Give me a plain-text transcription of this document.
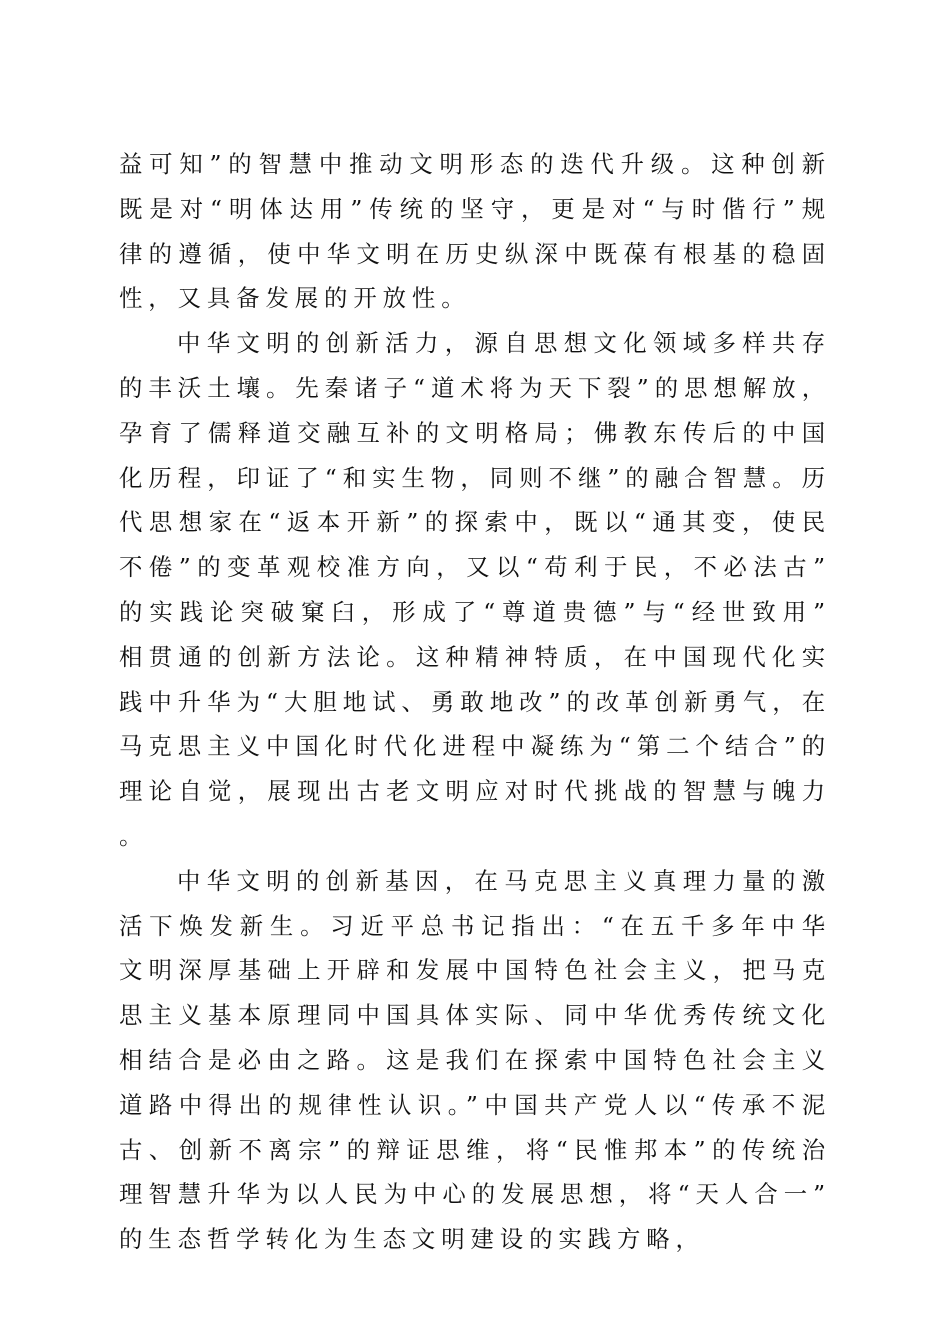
益可知”的智慧中推动文明形态的迭代升级。这种创新既是对“明体达用”传统的坚守，更是对“与时偕行”规律的遵循，使中华文明在历史纵深中既葆有根基的稳固性，又具备发展的开放性。

中华文明的创新活力，源自思想文化领域多样共存的丰沃土壤。先秦诸子“道术将为天下裂”的思想解放，孕育了儒释道交融互补的文明格局；佛教东传后的中国化历程，印证了“和实生物，同则不继”的融合智慧。历代思想家在“返本开新”的探索中，既以“通其变，使民不倦”的变革观校准方向，又以“苟利于民，不必法古”的实践论突破窠臼，形成了“尊道贵德”与“经世致用”相贯通的创新方法论。这种精神特质，在中国现代化实践中升华为“大胆地试、勇敢地改”的改革创新勇气，在马克思主义中国化时代化进程中凝练为“第二个结合”的理论自觉，展现出古老文明应对时代挑战的智慧与魄力。

中华文明的创新基因，在马克思主义真理力量的激活下焕发新生。习近平总书记指出：“在五千多年中华文明深厚基础上开辟和发展中国特色社会主义，把马克思主义基本原理同中国具体实际、同中华优秀传统文化相结合是必由之路。这是我们在探索中国特色社会主义道路中得出的规律性认识。”中国共产党人以“传承不泥古、创新不离宗”的辩证思维，将“民惟邦本”的传统治理智慧升华为以人民为中心的发展思想，将“天人合一”的生态哲学转化为生态文明建设的实践方略，
